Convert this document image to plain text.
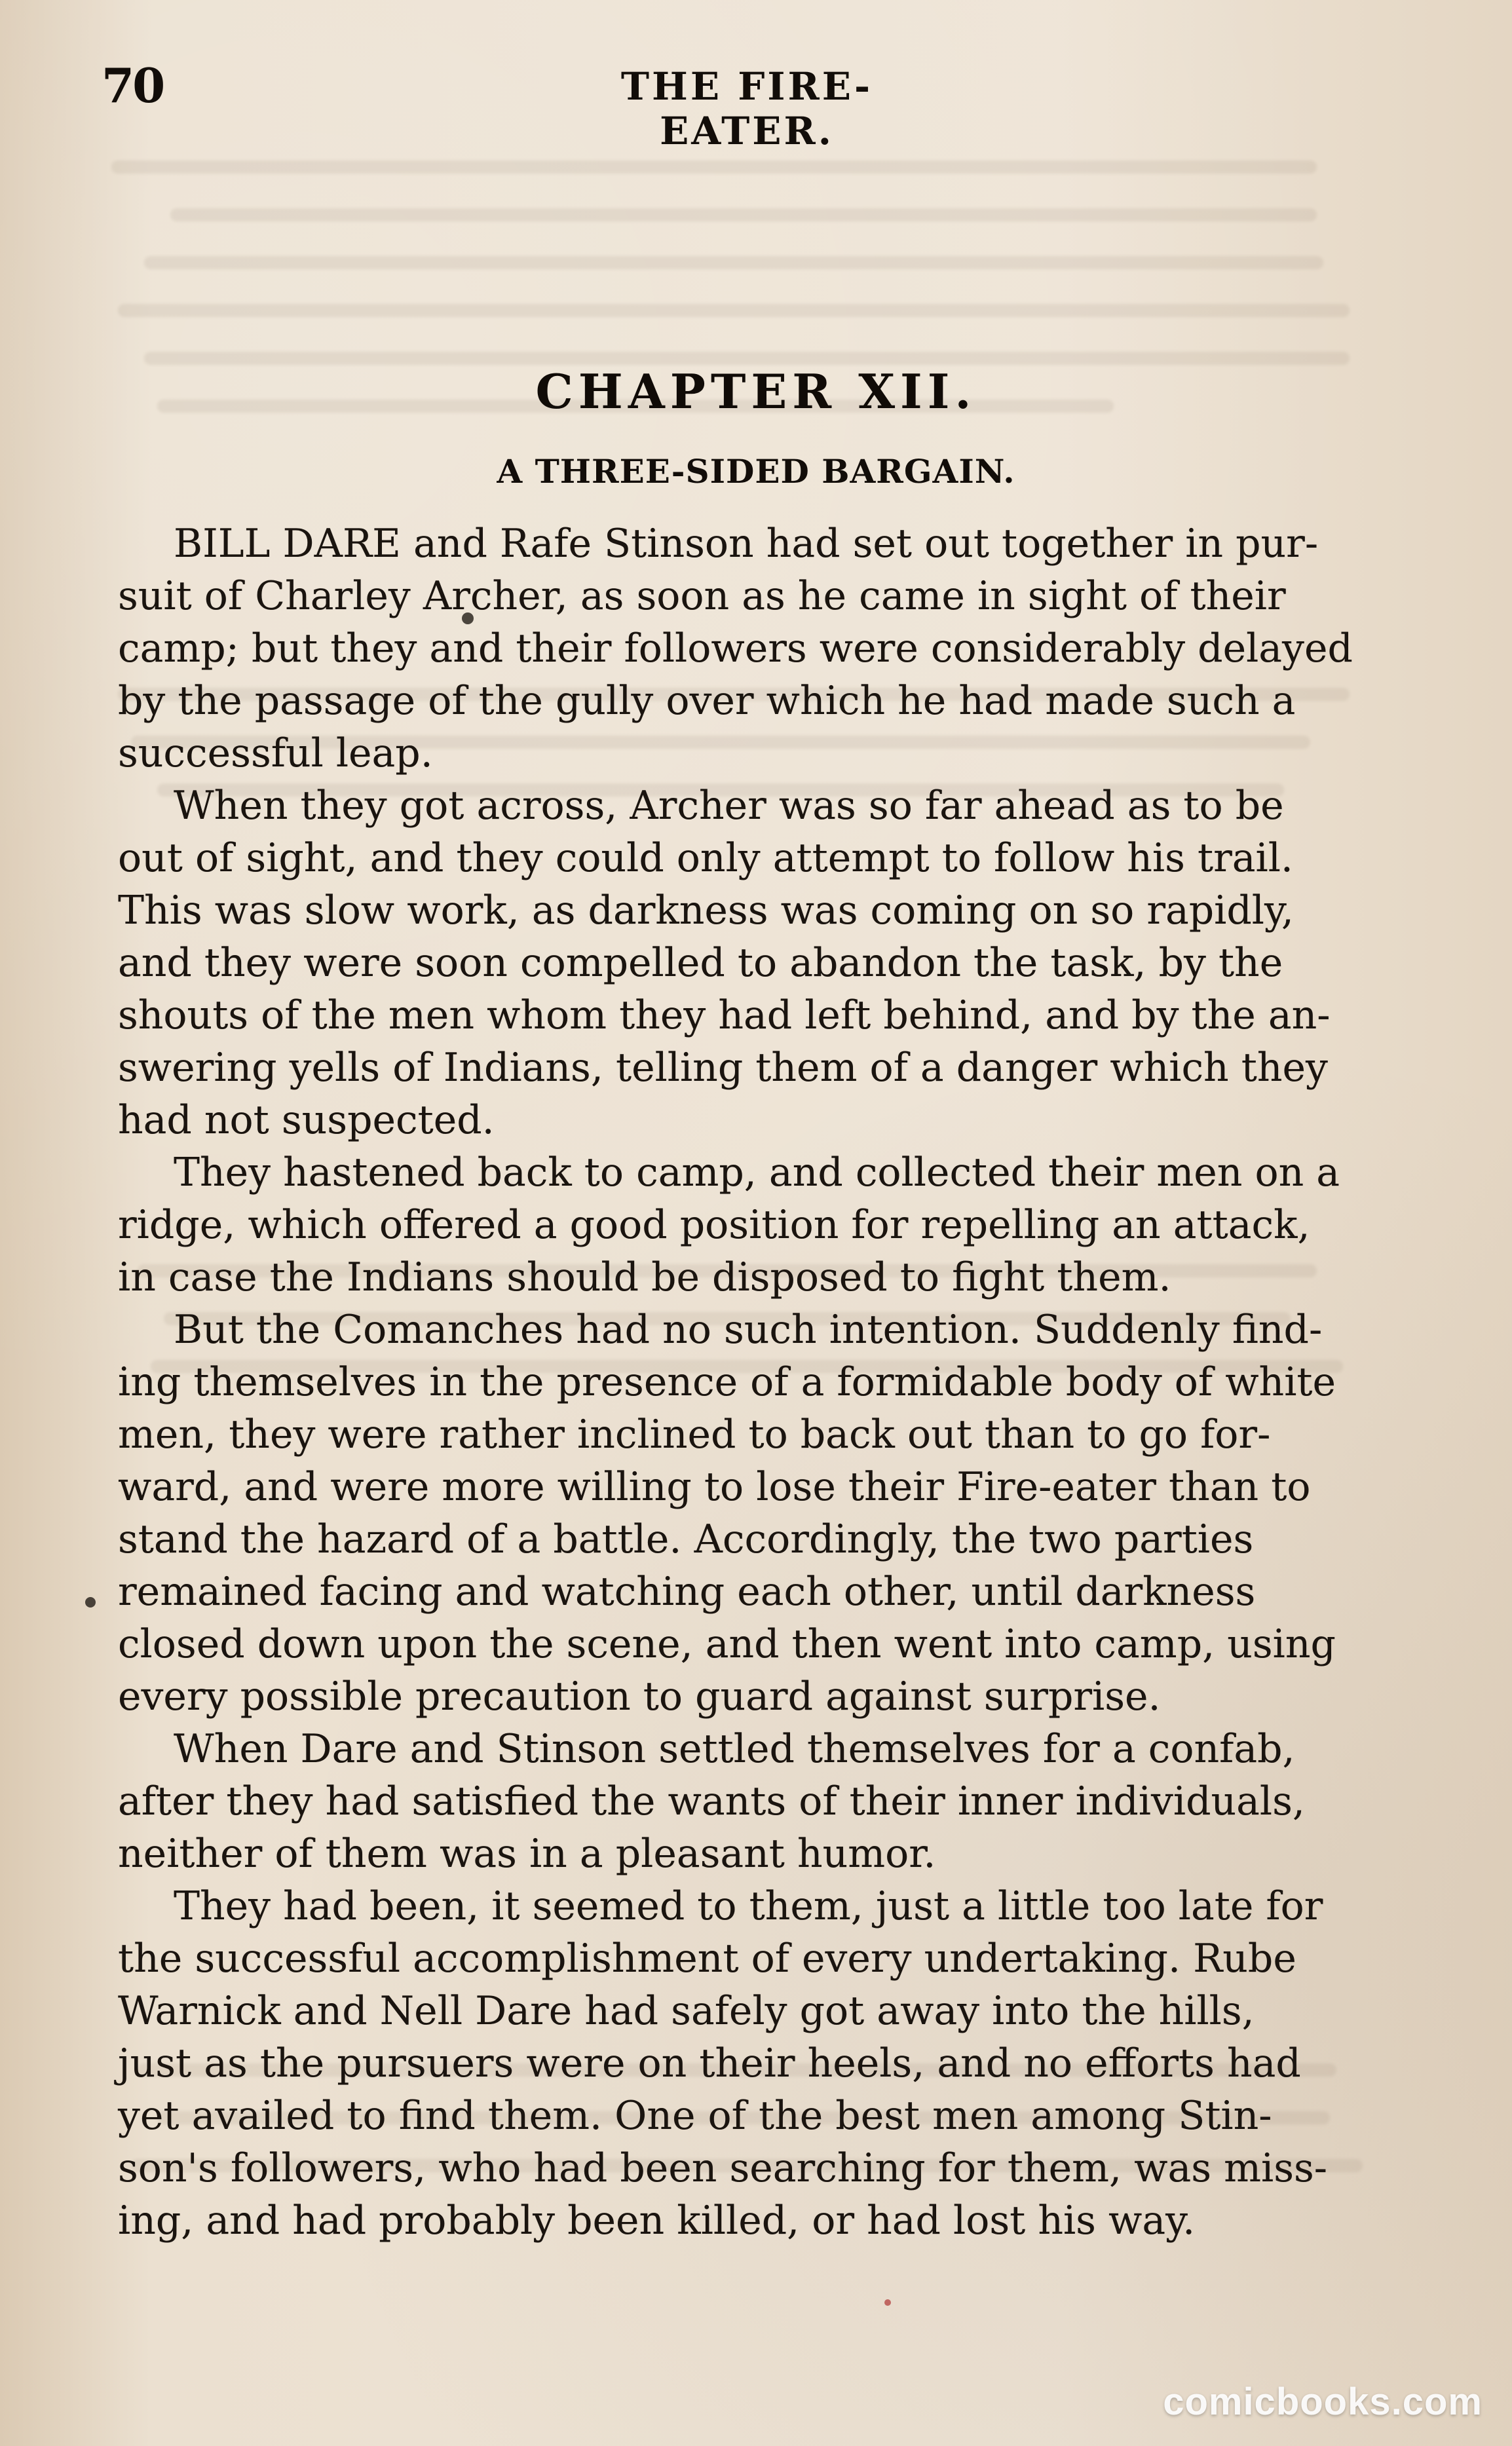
70	THE FIRE-EATER.
CHAPTER XII.
A THREE-SIDED BARGAIN.
BILL DARE and Rafe Stinson had set out together in pur-
suit of Charley Archer, as soon as he came in sight of their
camp; but they and their followers were considerably delayed
by the passage of the gully over which he had made such a
successful leap.
When they got across, Archer was so far ahead as to be
out of sight, and they could only attempt to follow his trail.
This was slow work, as darkness was coming on so rapidly,
and they were soon compelled to abandon the task, by the
shouts of the men whom they had left behind, and by the an-
swering yells of Indians, telling them of a danger which they
had not suspected.
They hastened back to camp, and collected their men on a
ridge, which offered a good position for repelling an attack,
in case the Indians should be disposed to fight them.
But the Comanches had no such intention. Suddenly find-
ing themselves in the presence of a formidable body of white
men, they were rather inclined to back out than to go for-
ward, and were more willing to lose their Fire-eater than to
stand the hazard of a battle. Accordingly, the two parties
remained facing and watching each other, until darkness
closed down upon the scene, and then went into camp, using
every possible precaution to guard against surprise.
When Dare and Stinson settled themselves for a confab,
after they had satisfied the wants of their inner individuals,
neither of them was in a pleasant humor.
They had been, it seemed to them, just a little too late for
the successful accomplishment of every undertaking. Rube
Warnick and Nell Dare had safely got away into the hills,
just as the pursuers were on their heels, and no efforts had
yet availed to find them. One of the best men among Stin-
son's followers, who had been searching for them, was miss-
ing, and had probably been killed, or had lost his way.
comicbooks.com
